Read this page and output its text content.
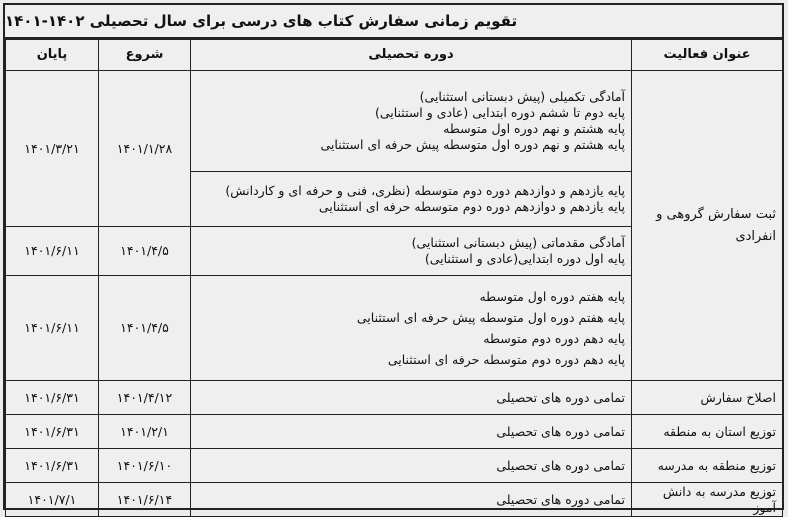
تقویم زمانی سفارش کتاب های درسی برای سال تحصیلی ۱۴۰۲-۱۴۰۱
عنوان فعالیت	دوره تحصیلی	شروع	پایان
ثبت سفارش گروهی و انفرادی	آمادگی تکمیلی (پیش دبستانی استثنایی)
پایه دوم تا ششم دوره ابتدایی (عادی و استثنایی)
پایه هشتم و نهم دوره اول متوسطه
پایه هشتم و نهم دوره اول متوسطه پیش حرفه ای استثنایی	۱۴۰۱/۱/۲۸	۱۴۰۱/۳/۲۱

	پایه یازدهم و دوازدهم دوره دوم متوسطه (نظری، فنی و حرفه ای و کاردانش)
پایه یازدهم و دوازدهم دوره دوم متوسطه حرفه ای استثنایی		

	آمادگی مقدماتی (پیش دبستانی استثنایی)
پایه اول دوره ابتدایی(عادی و استثنایی)	۱۴۰۱/۴/۵	۱۴۰۱/۶/۱۱

	پایه هفتم دوره اول متوسطه
پایه هفتم دوره اول متوسطه پیش حرفه ای استثنایی
پایه دهم دوره دوم متوسطه
پایه دهم دوره دوم متوسطه حرفه ای استثنایی	۱۴۰۱/۴/۵	۱۴۰۱/۶/۱۱
اصلاح سفارش	تمامی دوره های تحصیلی	۱۴۰۱/۴/۱۲	۱۴۰۱/۶/۳۱
توزیع استان به منطقه	تمامی دوره های تحصیلی	۱۴۰۱/۲/۱	۱۴۰۱/۶/۳۱
توزیع منطقه به مدرسه	تمامی دوره های تحصیلی	۱۴۰۱/۶/۱۰	۱۴۰۱/۶/۳۱
توزیع مدرسه به دانش آموز	تمامی دوره های تحصیلی	۱۴۰۱/۶/۱۴	۱۴۰۱/۷/۱
